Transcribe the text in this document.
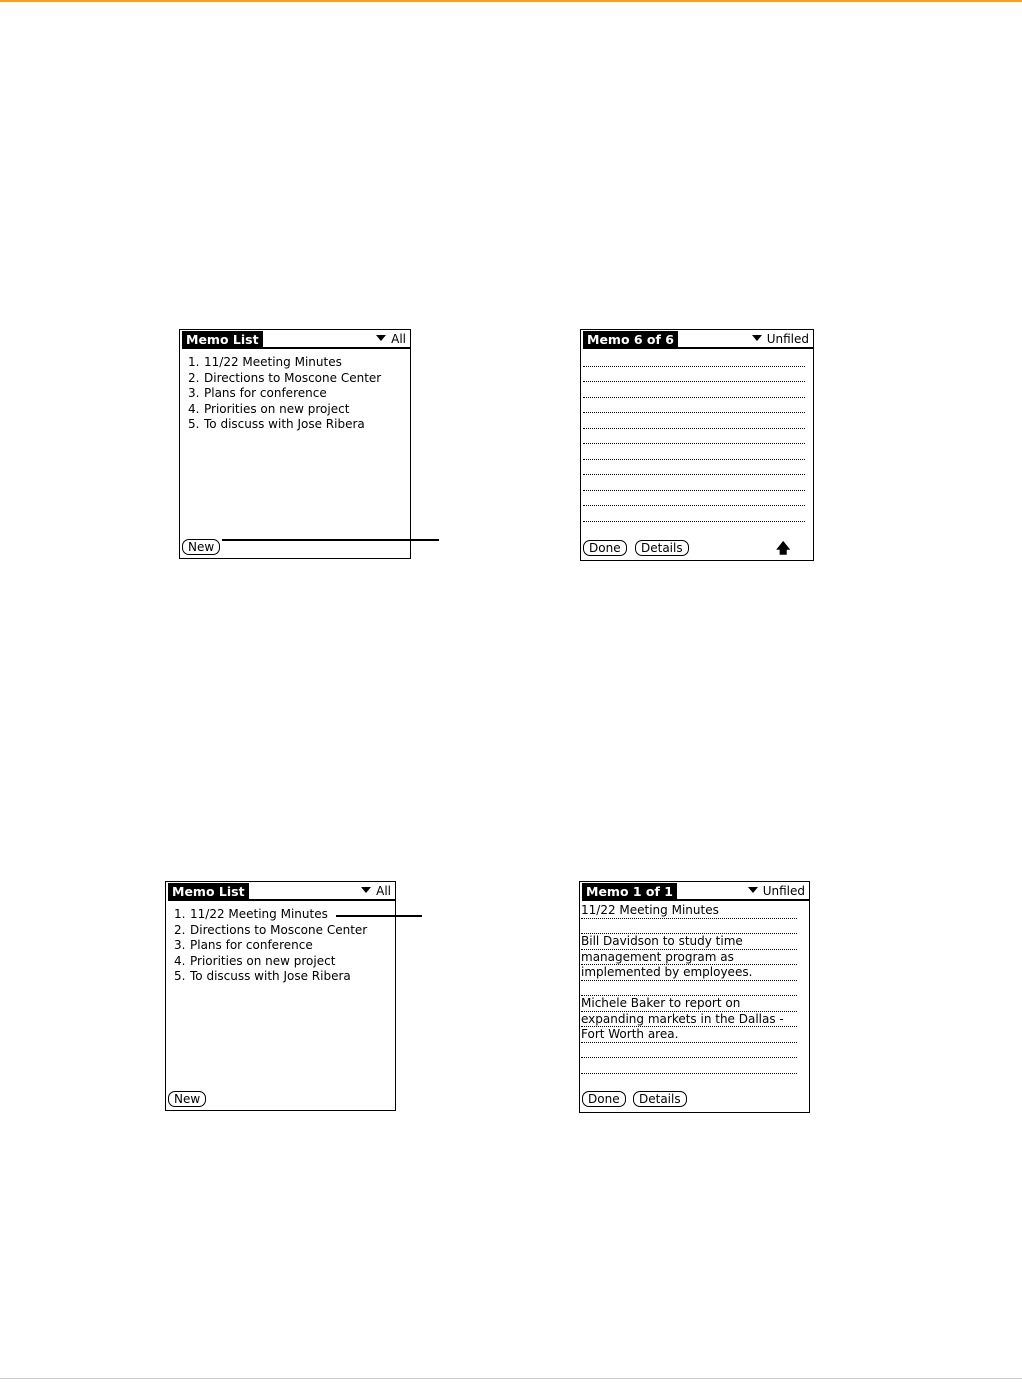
Memo List	All
1. 11/22 Meeting Minutes
2. Directions to Moscone Center
3. Plans for conference
4. Priorities on new project
5. To discuss with Jose Ribera
New
Memo 6 of 6	Unfiled
Done	Details	🡅
Memo List	All
1. 11/22 Meeting Minutes
2. Directions to Moscone Center
3. Plans for conference
4. Priorities on new project
5. To discuss with Jose Ribera
New
Memo 1 of 1	Unfiled
11/22 Meeting Minutes
Bill Davidson to study time
management program as
implemented by employees.
Michele Baker to report on
expanding markets in the Dallas -
Fort Worth area.
Done	Details
